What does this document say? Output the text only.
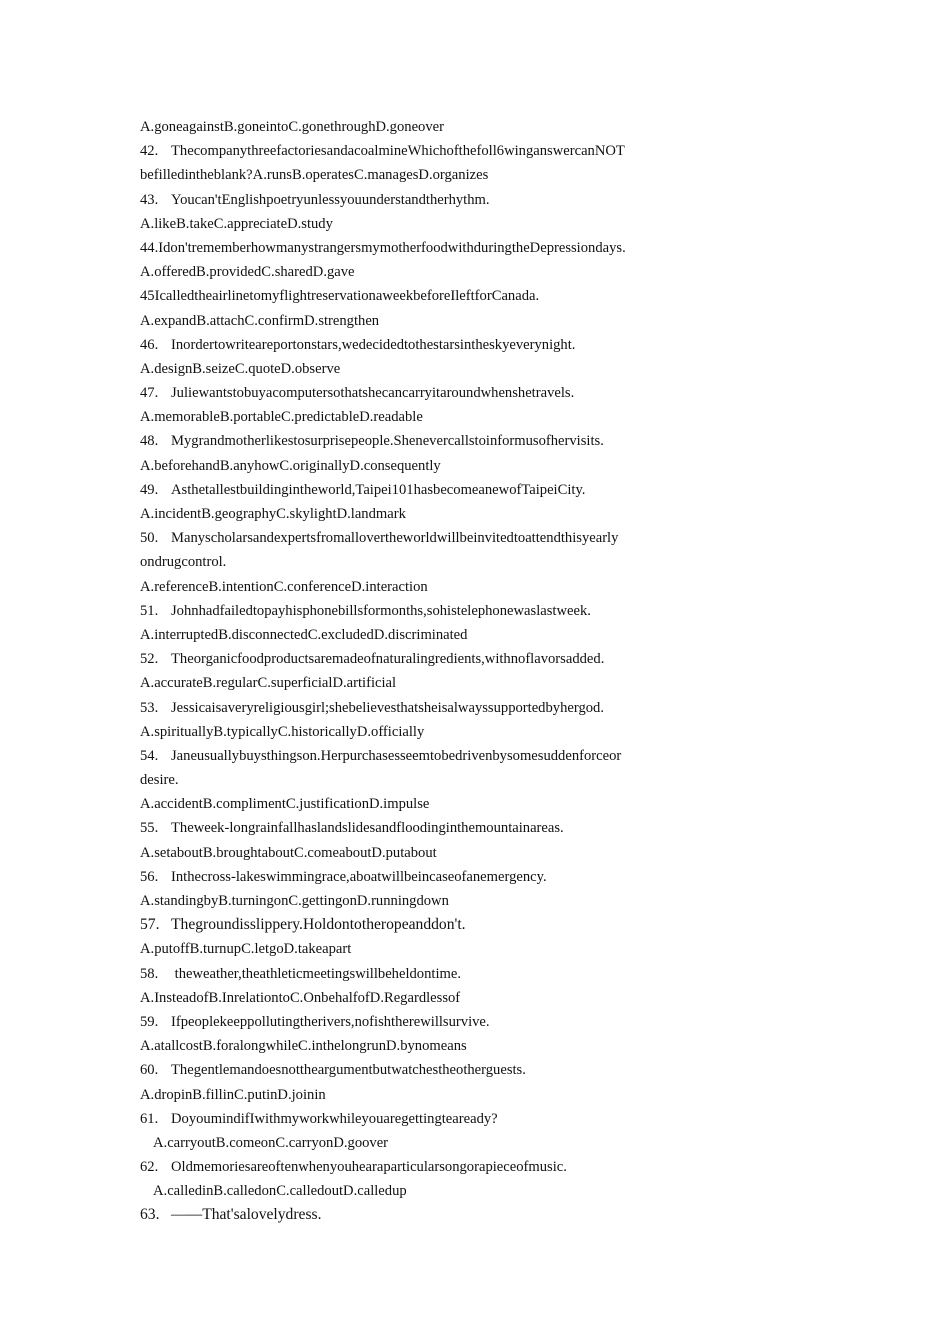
A.goneagainstB.goneintoC.gonethroughD.goneover
42. ThecompanythreefactoriesandacoalmineWhichofthefoll6winganswercanNOT
befilledintheblank?A.runsB.operatesC.managesD.organizes
43. Youcan'tEnglishpoetryunlessyouunderstandtherhythm.
A.likeB.takeC.appreciateD.study
44.Idon'trememberhowmanystrangersmymotherfoodwithduringtheDepressiondays.
A.offeredB.providedC.sharedD.gave
45IcalledtheairlinetomyflightreservationaweekbeforeIleftforCanada.
A.expandB.attachC.confirmD.strengthen
46. Inordertowriteareportonstars,wedecidedtothestarsintheskyeverynight.
A.designB.seizeC.quoteD.observe
47. Juliewantstobuyacomputersothatshecancarryitaroundwhenshetravels.
A.memorableB.portableC.predictableD.readable
48. Mygrandmotherlikestosurprisepeople.Shenevercallstoinformusofhervisits.
A.beforehandB.anyhowC.originallyD.consequently
49. Asthetallestbuildingintheworld,Taipei101hasbecomeanewofTaipeiCity.
A.incidentB.geographyC.skylightD.landmark
50. Manyscholarsandexpertsfromallovertheworldwillbeinvitedtoattendthisyearly
ondrugcontrol.
A.referenceB.intentionC.conferenceD.interaction
51. Johnhadfailedtopayhisphonebillsformonths,sohistelephonewaslastweek.
A.interruptedB.disconnectedC.excludedD.discriminated
52. Theorganicfoodproductsaremadeofnaturalingredients,withnoflavorsadded.
A.accurateB.regularC.superficialD.artificial
53. Jessicaisaveryreligiousgirl;shebelievesthatsheisalwayssupportedbyhergod.
A.spirituallyB.typicallyC.historicallyD.officially
54. Janeusuallybuysthingson.Herpurchasesseemtobedrivenbysomesuddenforceor
desire.
A.accidentB.complimentC.justificationD.impulse
55. Theweek-longrainfallhaslandslidesandfloodinginthemountainareas.
A.setaboutB.broughtaboutC.comeaboutD.putabout
56. Inthecross-lakeswimmingrace,aboatwillbeincaseofanemergency.
A.standingbyB.turningonC.gettingonD.runningdown
57. Thegroundisslippery.Holdontotheropeanddon't.
A.putoffB.turnupC.letgoD.takeapart
58. theweather,theathleticmeetingswillbeheldontime.
A.InsteadofB.InrelationtoC.OnbehalfofD.Regardlessof
59. Ifpeoplekeeppollutingtherivers,nofishtherewillsurvive.
A.atallcostB.foralongwhileC.inthelongrunD.bynomeans
60. Thegentlemandoesnottheargumentbutwatchestheotherguests.
A.dropinB.fillinC.putinD.joinin
61. DoyoumindifIwithmyworkwhileyouaregettingteaready?
A.carryoutB.comeonC.carryonD.goover
62. Oldmemoriesareoftenwhenyouhearaparticularsongorapieceofmusic.
A.calledinB.calledonC.calledoutD.calledup
63. ——That'salovelydress.
